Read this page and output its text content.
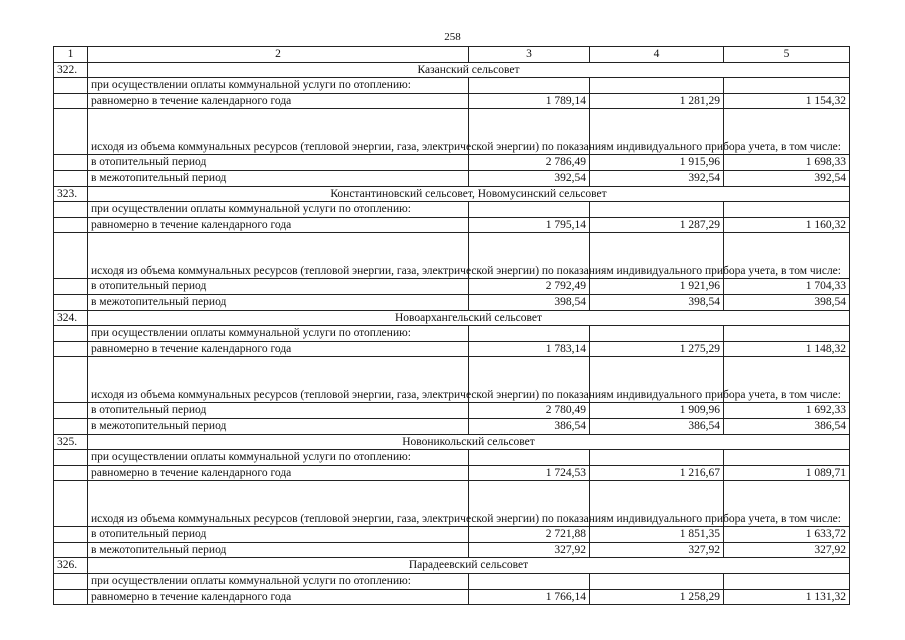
258
1	2	3	4	5
322.	Казанский сельсовет			
	при осуществлении оплаты коммунальной услуги по отоплению:			
	равномерно в течение календарного года	1 789,14	1 281,29	1 154,32
	исходя из объема коммунальных ресурсов (тепловой энергии, газа, электрической энергии) по показаниям индивидуального прибора учета, в том числе:			
	в отопительный период	2 786,49	1 915,96	1 698,33
	в межотопительный период	392,54	392,54	392,54
323.	Константиновский сельсовет, Новомусинский сельсовет			
	при осуществлении оплаты коммунальной услуги по отоплению:			
	равномерно в течение календарного года	1 795,14	1 287,29	1 160,32
	исходя из объема коммунальных ресурсов (тепловой энергии, газа, электрической энергии) по показаниям индивидуального прибора учета, в том числе:			
	в отопительный период	2 792,49	1 921,96	1 704,33
	в межотопительный период	398,54	398,54	398,54
324.	Новоархангельский сельсовет			
	при осуществлении оплаты коммунальной услуги по отоплению:			
	равномерно в течение календарного года	1 783,14	1 275,29	1 148,32
	исходя из объема коммунальных ресурсов (тепловой энергии, газа, электрической энергии) по показаниям индивидуального прибора учета, в том числе:			
	в отопительный период	2 780,49	1 909,96	1 692,33
	в межотопительный период	386,54	386,54	386,54
325.	Новоникольский сельсовет			
	при осуществлении оплаты коммунальной услуги по отоплению:			
	равномерно в течение календарного года	1 724,53	1 216,67	1 089,71
	исходя из объема коммунальных ресурсов (тепловой энергии, газа, электрической энергии) по показаниям индивидуального прибора учета, в том числе:			
	в отопительный период	2 721,88	1 851,35	1 633,72
	в межотопительный период	327,92	327,92	327,92
326.	Парадеевский сельсовет			
	при осуществлении оплаты коммунальной услуги по отоплению:			
	равномерно в течение календарного года	1 766,14	1 258,29	1 131,32
